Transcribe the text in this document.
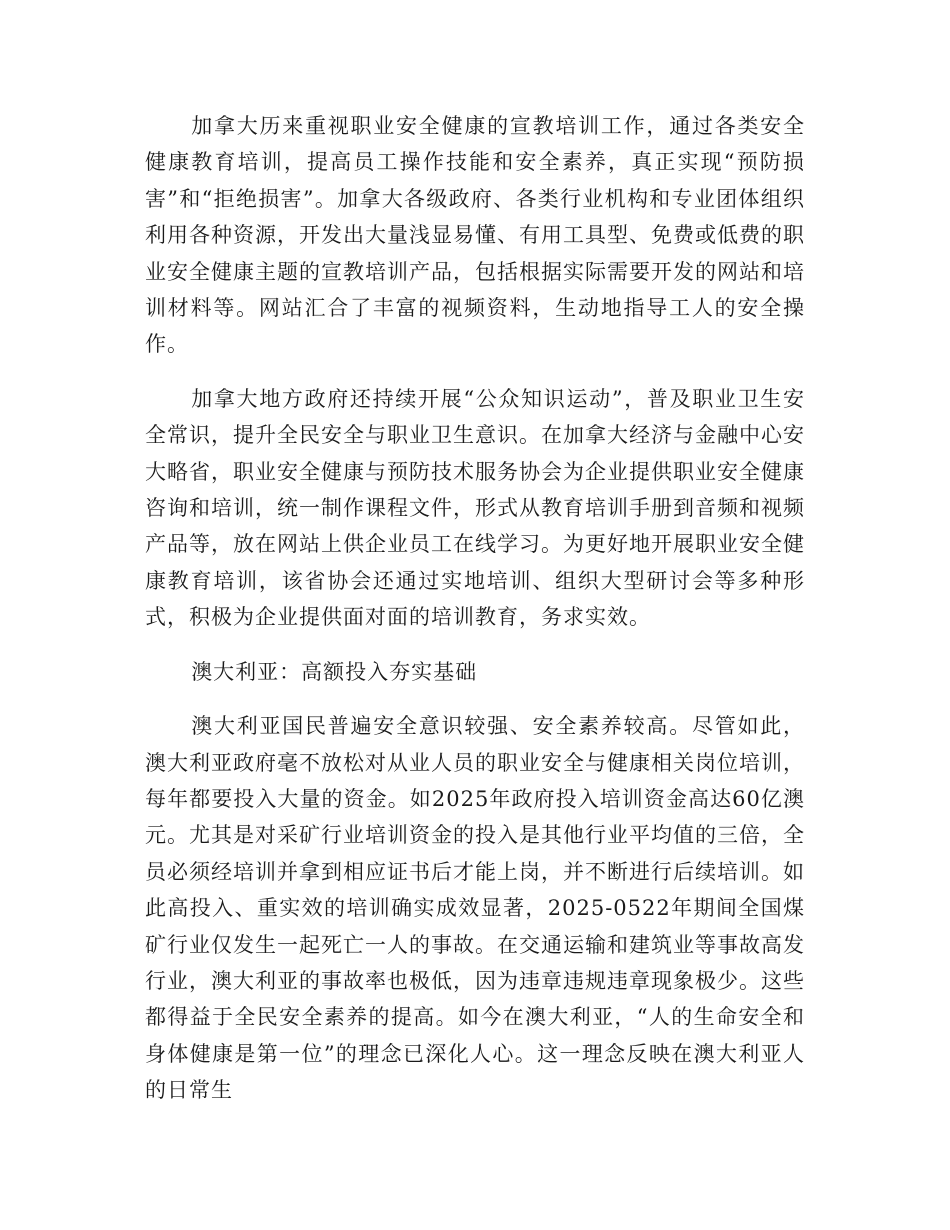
加拿大历来重视职业安全健康的宣教培训工作，通过各类安全健康教育培训，提高员工操作技能和安全素养，真正实现“预防损害”和“拒绝损害”。加拿大各级政府、各类行业机构和专业团体组织利用各种资源，开发出大量浅显易懂、有用工具型、免费或低费的职业安全健康主题的宣教培训产品，包括根据实际需要开发的网站和培训材料等。网站汇合了丰富的视频资料，生动地指导工人的安全操作。

加拿大地方政府还持续开展“公众知识运动”，普及职业卫生安全常识，提升全民安全与职业卫生意识。在加拿大经济与金融中心安大略省，职业安全健康与预防技术服务协会为企业提供职业安全健康咨询和培训，统一制作课程文件，形式从教育培训手册到音频和视频产品等，放在网站上供企业员工在线学习。为更好地开展职业安全健康教育培训，该省协会还通过实地培训、组织大型研讨会等多种形式，积极为企业提供面对面的培训教育，务求实效。

澳大利亚：高额投入夯实基础

澳大利亚国民普遍安全意识较强、安全素养较高。尽管如此，澳大利亚政府毫不放松对从业人员的职业安全与健康相关岗位培训，每年都要投入大量的资金。如2025年政府投入培训资金高达60亿澳元。尤其是对采矿行业培训资金的投入是其他行业平均值的三倍，全员必须经培训并拿到相应证书后才能上岗，并不断进行后续培训。如此高投入、重实效的培训确实成效显著，2025-0522年期间全国煤矿行业仅发生一起死亡一人的事故。在交通运输和建筑业等事故高发行业，澳大利亚的事故率也极低，因为违章违规违章现象极少。这些都得益于全民安全素养的提高。如今在澳大利亚，“人的生命安全和身体健康是第一位”的理念已深化人心。这一理念反映在澳大利亚人的日常生
